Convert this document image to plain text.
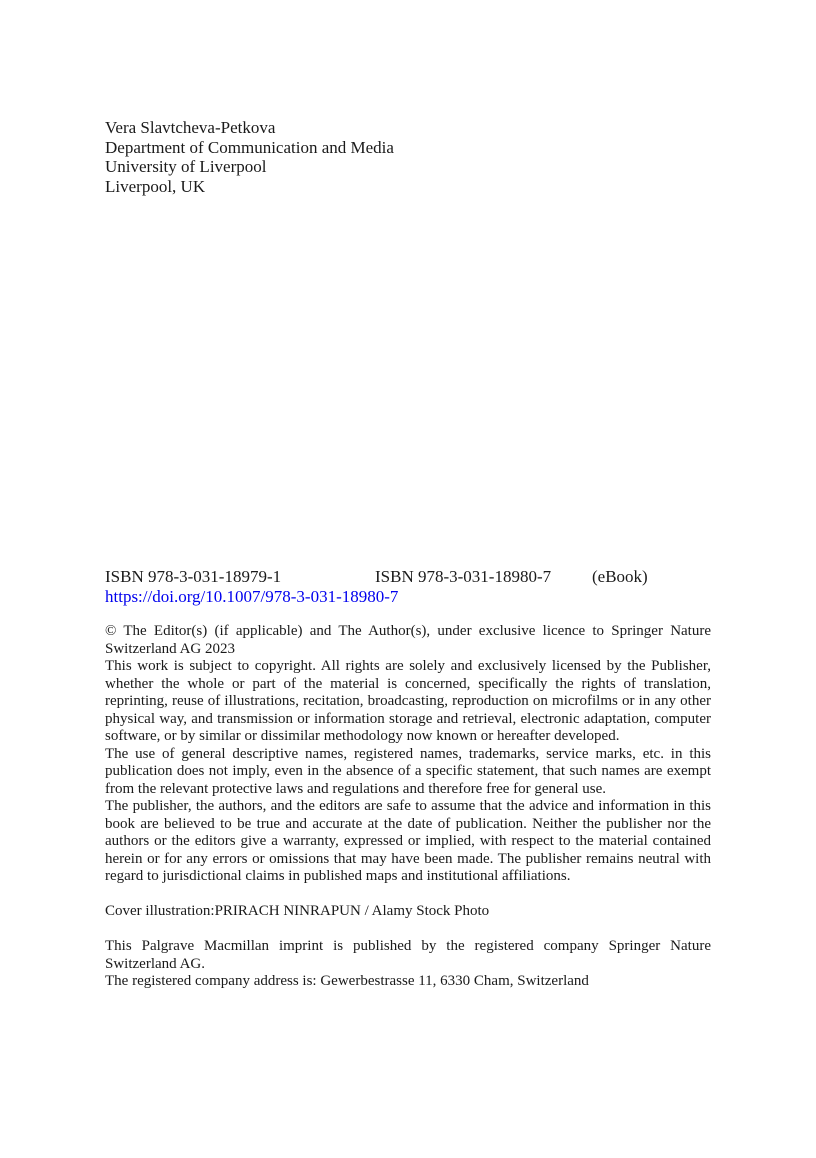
Vera Slavtcheva-Petkova
Department of Communication and Media
University of Liverpool
Liverpool, UK
ISBN 978-3-031-18979-1	ISBN 978-3-031-18980-7 (eBook)
https://doi.org/10.1007/978-3-031-18980-7

© The Editor(s) (if applicable) and The Author(s), under exclusive licence to Springer Nature Switzerland AG 2023

This work is subject to copyright. All rights are solely and exclusively licensed by the Publisher, whether the whole or part of the material is concerned, specifically the rights of translation, reprinting, reuse of illustrations, recitation, broadcasting, reproduction on microfilms or in any other physical way, and transmission or information storage and retrieval, electronic adaptation, computer software, or by similar or dissimilar methodology now known or hereafter developed.

The use of general descriptive names, registered names, trademarks, service marks, etc. in this publication does not imply, even in the absence of a specific statement, that such names are exempt from the relevant protective laws and regulations and therefore free for general use.

The publisher, the authors, and the editors are safe to assume that the advice and information in this book are believed to be true and accurate at the date of publication. Neither the publisher nor the authors or the editors give a warranty, expressed or implied, with respect to the material contained herein or for any errors or omissions that may have been made. The publisher remains neutral with regard to jurisdictional claims in published maps and institutional affiliations.

Cover illustration:PRIRACH NINRAPUN / Alamy Stock Photo

This Palgrave Macmillan imprint is published by the registered company Springer Nature Switzerland AG.

The registered company address is: Gewerbestrasse 11, 6330 Cham, Switzerland
